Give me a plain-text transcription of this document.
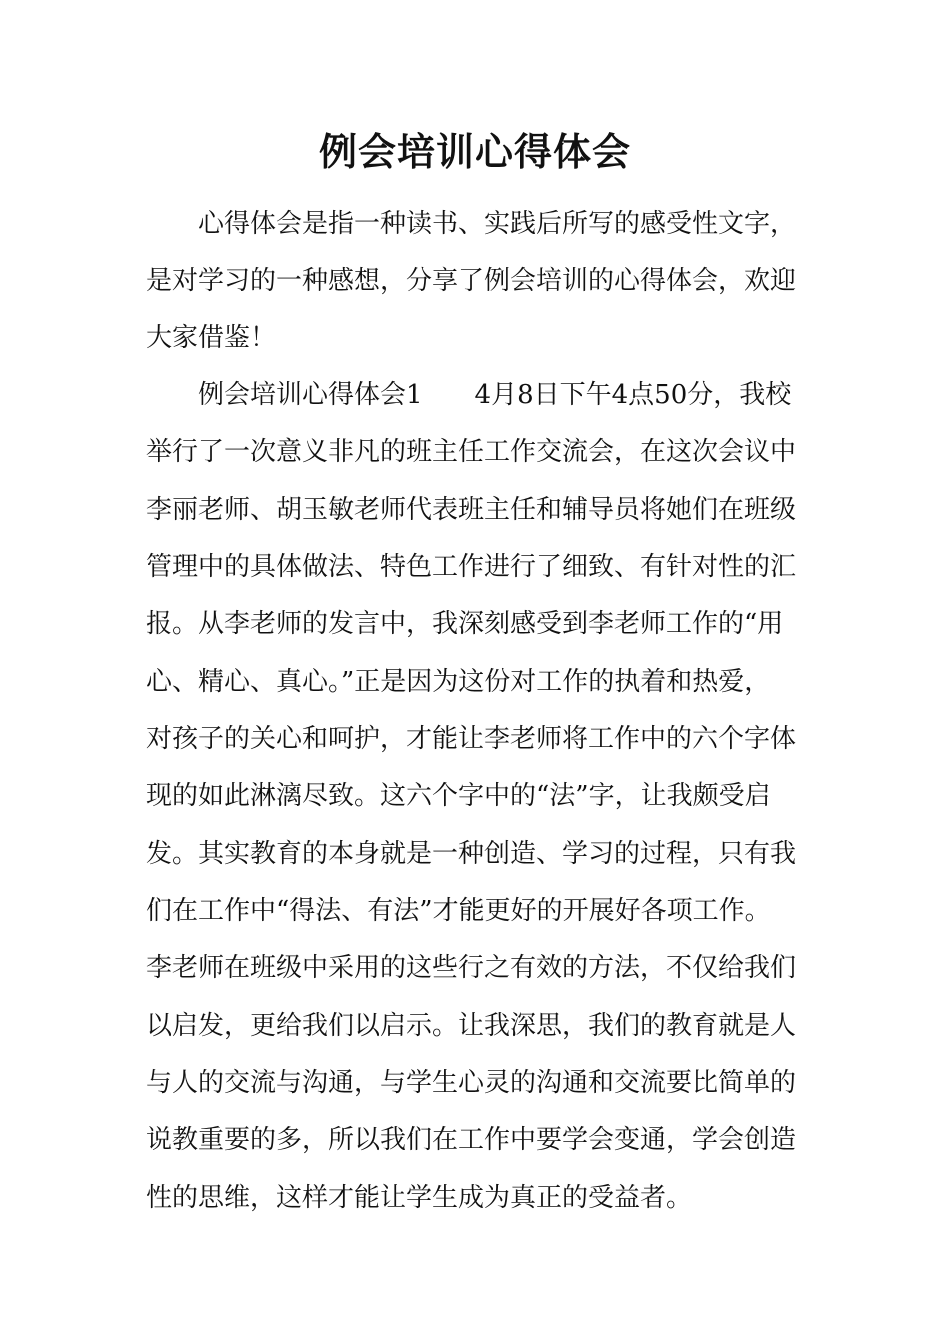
例会培训心得体会
　　心得体会是指一种读书、实践后所写的感受性文字，
是对学习的一种感想，分享了例会培训的心得体会，欢迎
大家借鉴！
　　例会培训心得体会1　　4月8日下午4点50分，我校
举行了一次意义非凡的班主任工作交流会，在这次会议中
李丽老师、胡玉敏老师代表班主任和辅导员将她们在班级
管理中的具体做法、特色工作进行了细致、有针对性的汇
报。从李老师的发言中，我深刻感受到李老师工作的“用
心、精心、真心。”正是因为这份对工作的执着和热爱，
对孩子的关心和呵护，才能让李老师将工作中的六个字体
现的如此淋漓尽致。这六个字中的“法”字，让我颇受启
发。其实教育的本身就是一种创造、学习的过程，只有我
们在工作中“得法、有法”才能更好的开展好各项工作。
李老师在班级中采用的这些行之有效的方法，不仅给我们
以启发，更给我们以启示。让我深思，我们的教育就是人
与人的交流与沟通，与学生心灵的沟通和交流要比简单的
说教重要的多，所以我们在工作中要学会变通，学会创造
性的思维，这样才能让学生成为真正的受益者。
